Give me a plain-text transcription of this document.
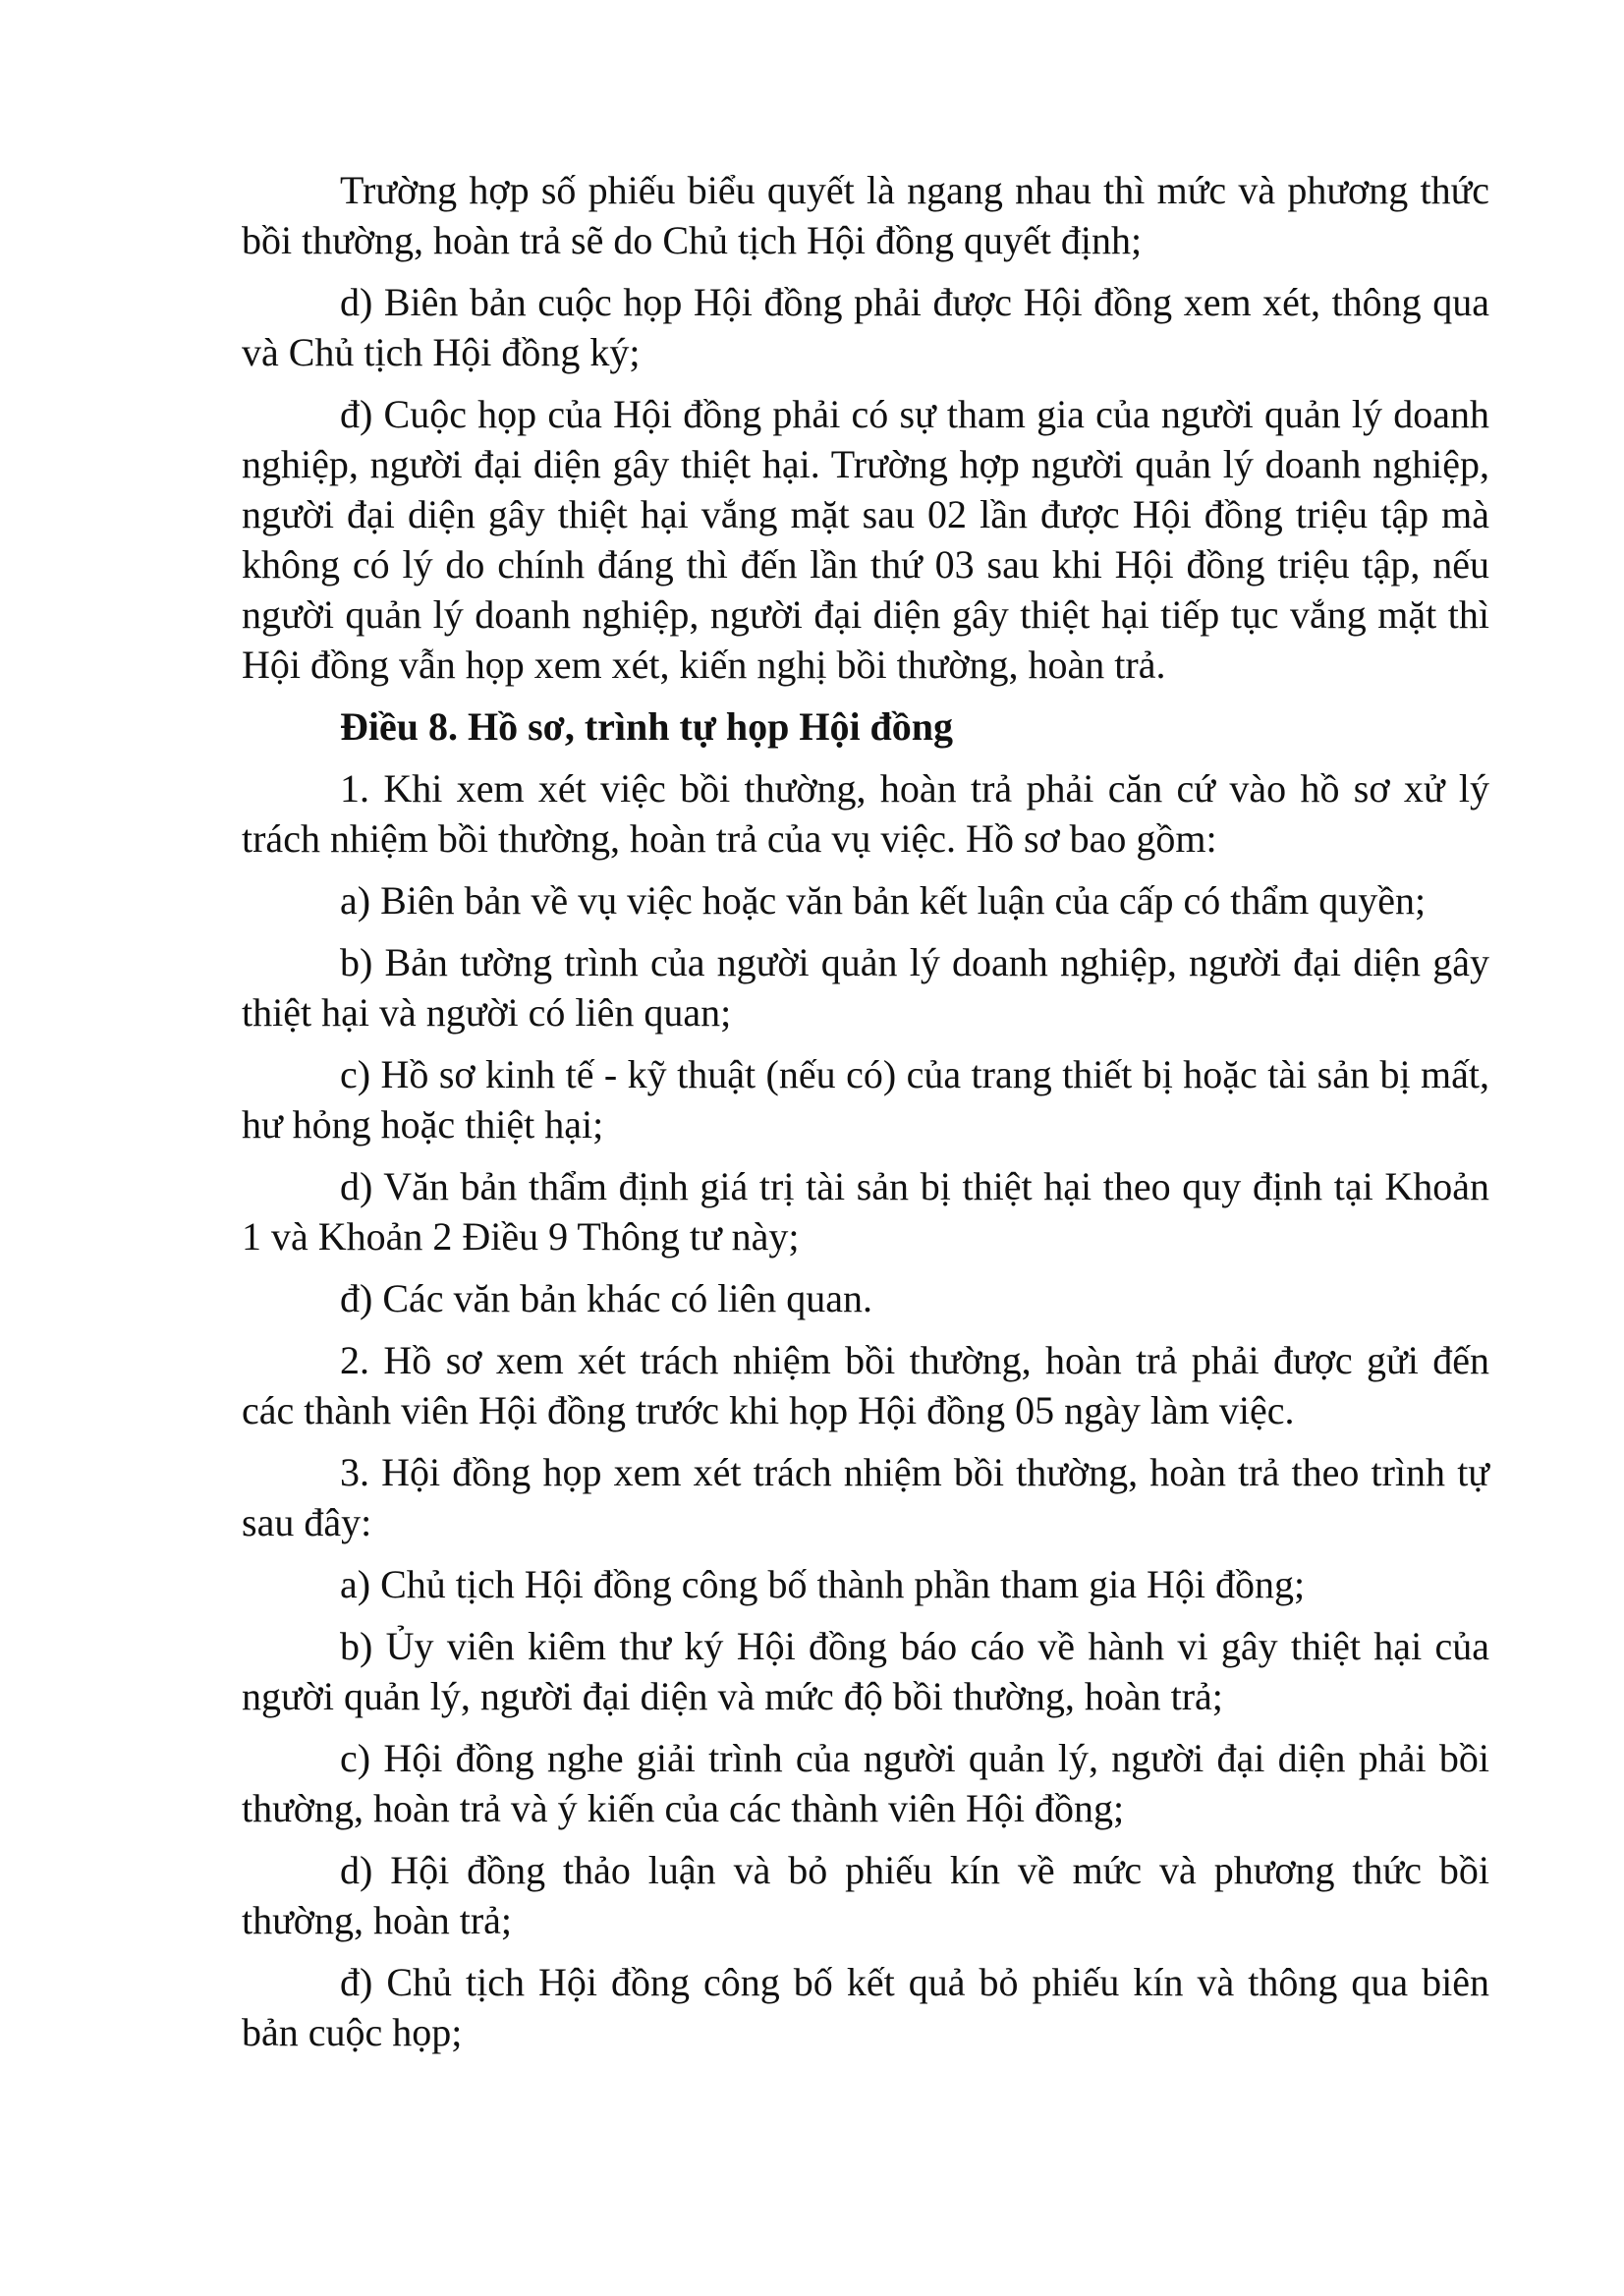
Trường hợp số phiếu biểu quyết là ngang nhau thì mức và phương thức bồi thường, hoàn trả sẽ do Chủ tịch Hội đồng quyết định;

d) Biên bản cuộc họp Hội đồng phải được Hội đồng xem xét, thông qua và Chủ tịch Hội đồng ký;

đ) Cuộc họp của Hội đồng phải có sự tham gia của người quản lý doanh nghiệp, người đại diện gây thiệt hại. Trường hợp người quản lý doanh nghiệp, người đại diện gây thiệt hại vắng mặt sau 02 lần được Hội đồng triệu tập mà không có lý do chính đáng thì đến lần thứ 03 sau khi Hội đồng triệu tập, nếu người quản lý doanh nghiệp, người đại diện gây thiệt hại tiếp tục vắng mặt thì Hội đồng vẫn họp xem xét, kiến nghị bồi thường, hoàn trả.

Điều 8. Hồ sơ, trình tự họp Hội đồng

1. Khi xem xét việc bồi thường, hoàn trả phải căn cứ vào hồ sơ xử lý trách nhiệm bồi thường, hoàn trả của vụ việc. Hồ sơ bao gồm:

a) Biên bản về vụ việc hoặc văn bản kết luận của cấp có thẩm quyền;

b) Bản tường trình của người quản lý doanh nghiệp, người đại diện gây thiệt hại và người có liên quan;

c) Hồ sơ kinh tế - kỹ thuật (nếu có) của trang thiết bị hoặc tài sản bị mất, hư hỏng hoặc thiệt hại;

d) Văn bản thẩm định giá trị tài sản bị thiệt hại theo quy định tại Khoản 1 và Khoản 2 Điều 9 Thông tư này;

đ) Các văn bản khác có liên quan.

2. Hồ sơ xem xét trách nhiệm bồi thường, hoàn trả phải được gửi đến các thành viên Hội đồng trước khi họp Hội đồng 05 ngày làm việc.

3. Hội đồng họp xem xét trách nhiệm bồi thường, hoàn trả theo trình tự sau đây:

a) Chủ tịch Hội đồng công bố thành phần tham gia Hội đồng;

b) Ủy viên kiêm thư ký Hội đồng báo cáo về hành vi gây thiệt hại của người quản lý, người đại diện và mức độ bồi thường, hoàn trả;

c) Hội đồng nghe giải trình của người quản lý, người đại diện phải bồi thường, hoàn trả và ý kiến của các thành viên Hội đồng;

d) Hội đồng thảo luận và bỏ phiếu kín về mức và phương thức bồi thường, hoàn trả;

đ) Chủ tịch Hội đồng công bố kết quả bỏ phiếu kín và thông qua biên bản cuộc họp;
